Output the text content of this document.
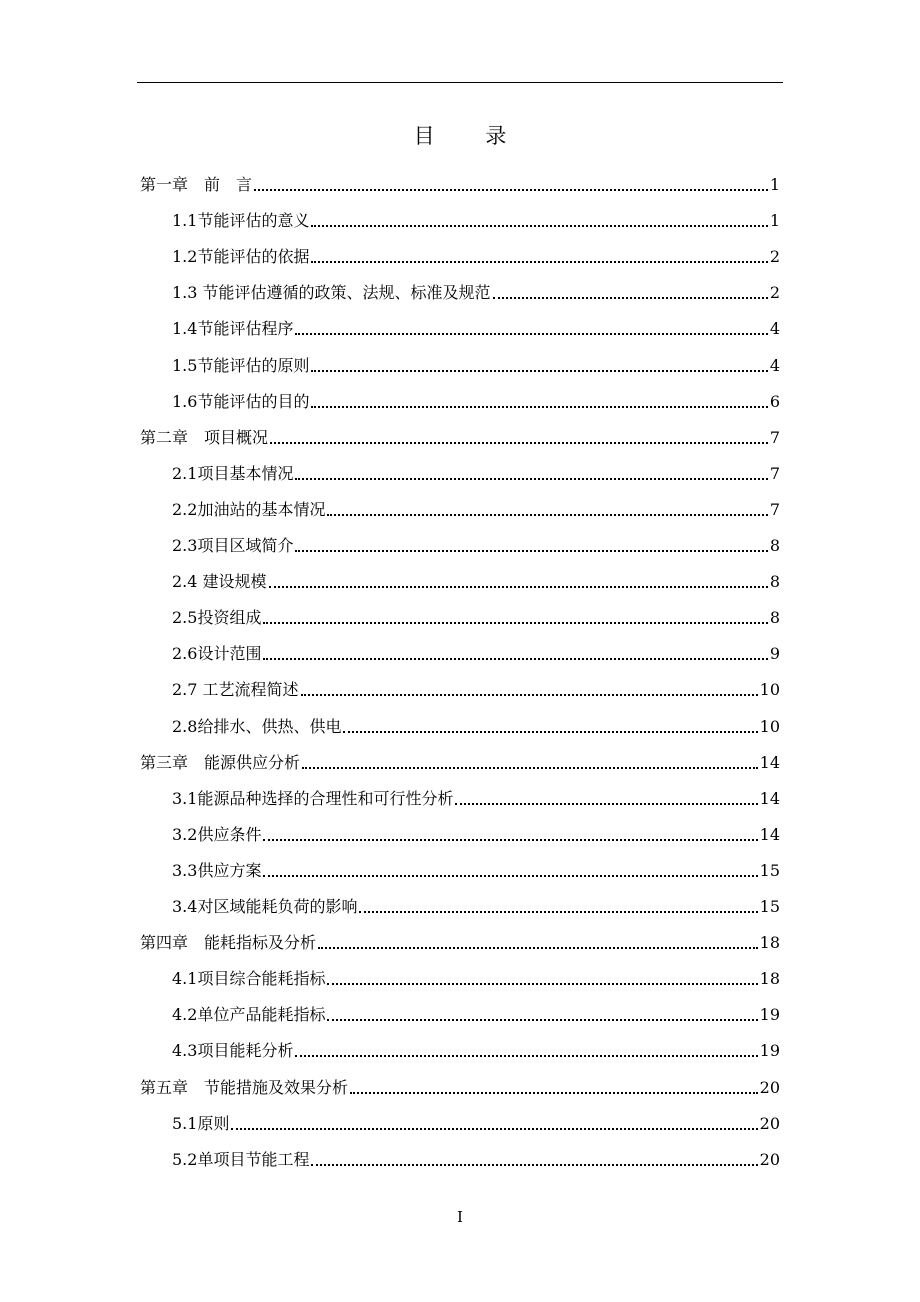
目 录
第一章　前　言	1
1.1节能评估的意义	1
1.2节能评估的依据	2
1.3 节能评估遵循的政策、法规、标准及规范	2
1.4节能评估程序	4
1.5节能评估的原则	4
1.6节能评估的目的	6
第二章　项目概况	7
2.1项目基本情况	7
2.2加油站的基本情况	7
2.3项目区域简介	8
2.4 建设规模	8
2.5投资组成	8
2.6设计范围	9
2.7 工艺流程简述	10
2.8给排水、供热、供电	10
第三章　能源供应分析	14
3.1能源品种选择的合理性和可行性分析	14
3.2供应条件	14
3.3供应方案	15
3.4对区域能耗负荷的影响	15
第四章　能耗指标及分析	18
4.1项目综合能耗指标	18
4.2单位产品能耗指标	19
4.3项目能耗分析	19
第五章　节能措施及效果分析	20
5.1原则	20
5.2单项目节能工程	20
I
